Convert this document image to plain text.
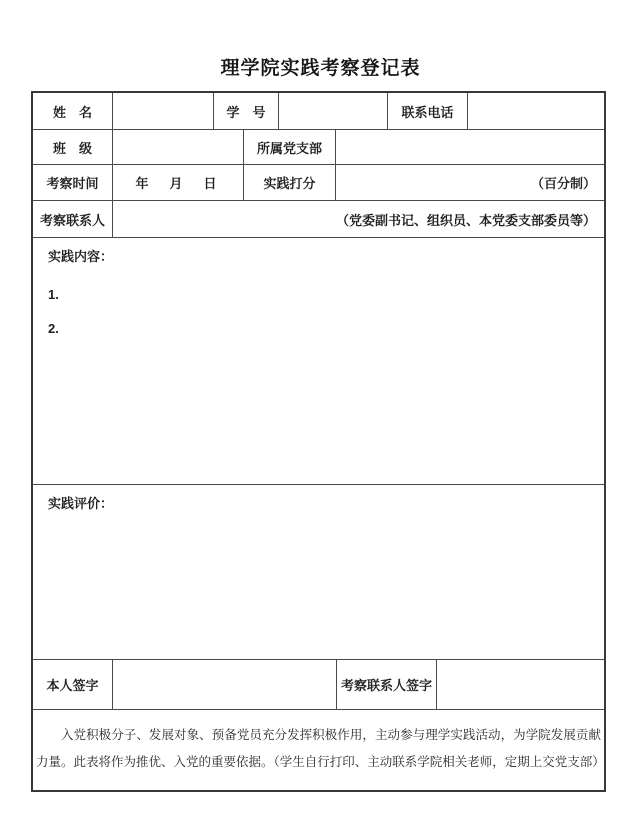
理学院实践考察登记表
姓　名	学　号	联系电话
班　级	所属党支部
考察时间	年　月　日	实践打分	（百分制）
考察联系人	（党委副书记、组织员、本党委支部委员等）
实践内容：
1.
2.
实践评价：
本人签字	考察联系人签字
入党积极分子、发展对象、预备党员充分发挥积极作用，主动参与理学实践活动，为学院发展贡献力量。此表将作为推优、入党的重要依据。（学生自行打印、主动联系学院相关老师，定期上交党支部）
